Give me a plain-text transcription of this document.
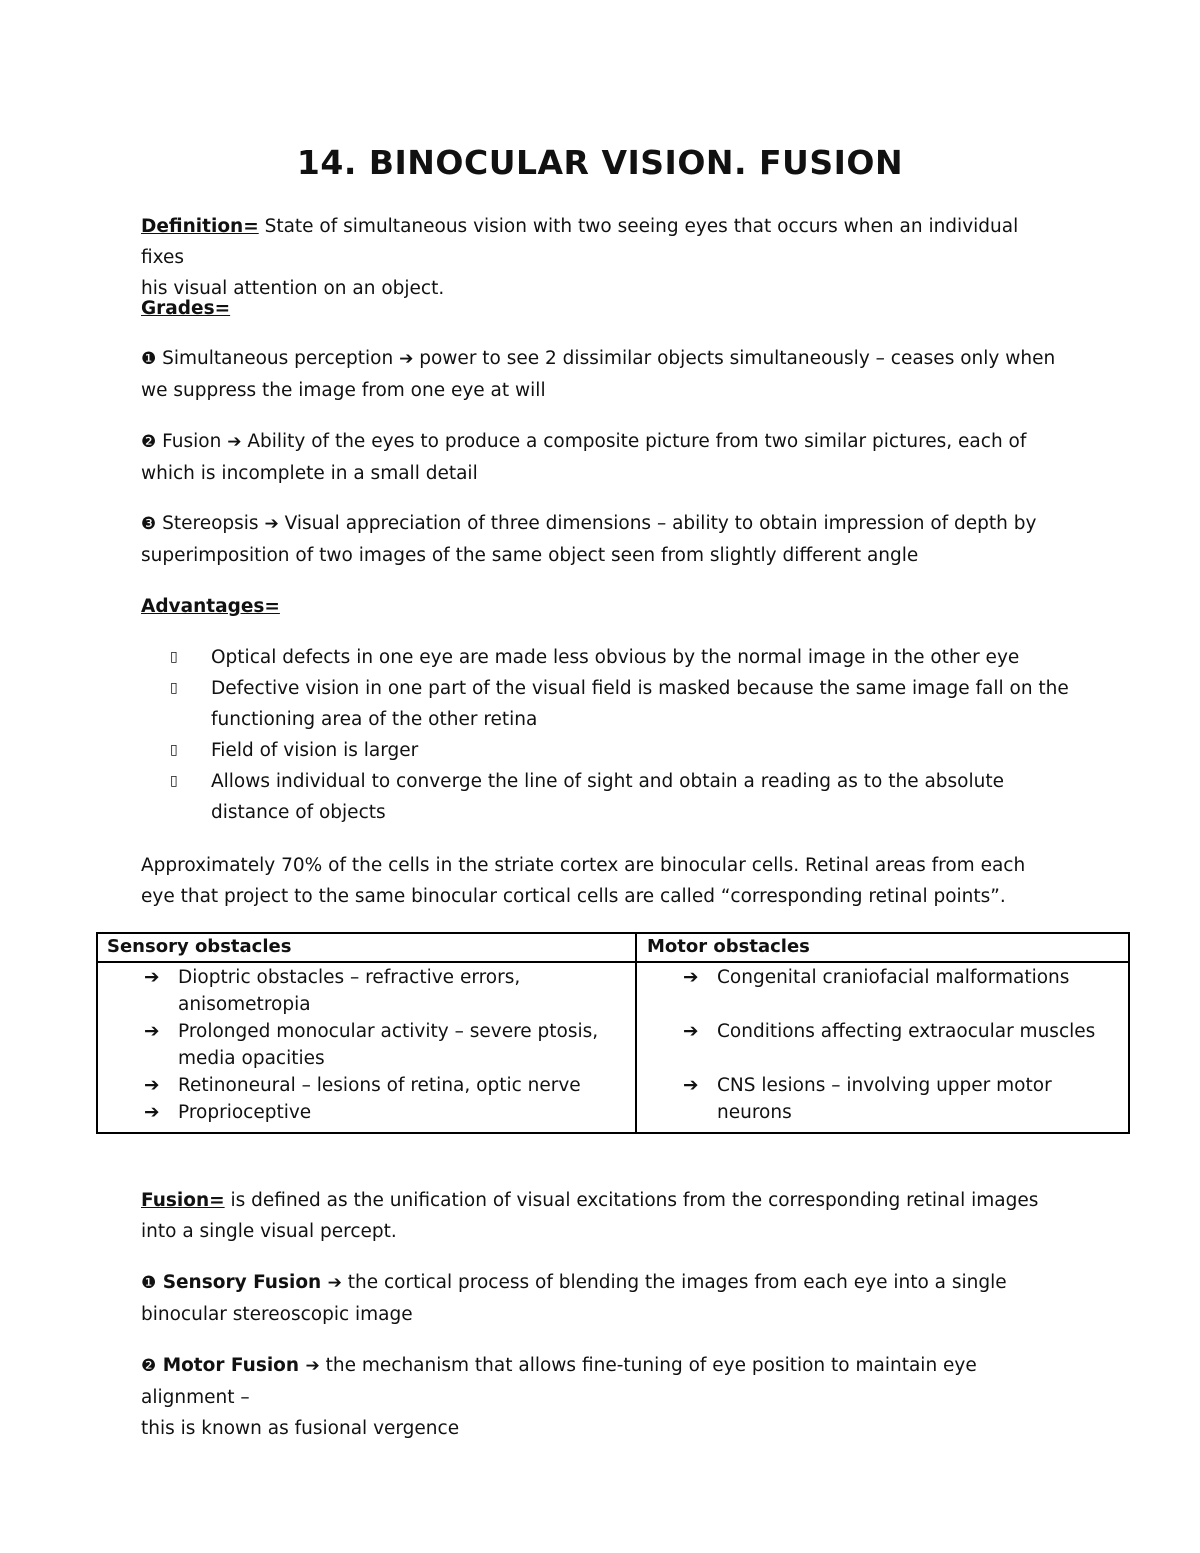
14. BINOCULAR VISION. FUSION
Definition= State of simultaneous vision with two seeing eyes that occurs when an individual fixes
his visual attention on an object.
Grades=
❶ Simultaneous perception ➔ power to see 2 dissimilar objects simultaneously – ceases only when
we suppress the image from one eye at will
❷ Fusion ➔ Ability of the eyes to produce a composite picture from two similar pictures, each of
which is incomplete in a small detail
❸ Stereopsis ➔ Visual appreciation of three dimensions – ability to obtain impression of depth by
superimposition of two images of the same object seen from slightly different angle
Advantages=
▯ Optical defects in one eye are made less obvious by the normal image in the other eye
▯ Defective vision in one part of the visual field is masked because the same image fall on the
functioning area of the other retina
▯ Field of vision is larger
▯ Allows individual to converge the line of sight and obtain a reading as to the absolute
distance of objects
Approximately 70% of the cells in the striate cortex are binocular cells. Retinal areas from each
eye that project to the same binocular cortical cells are called “corresponding retinal points”.
Sensory obstacles	Motor obstacles
➔ Dioptric obstacles – refractive errors,
anisometropia
➔ Prolonged monocular activity – severe ptosis,
media opacities
➔ Retinoneural – lesions of retina, optic nerve
➔ Proprioceptive
➔ Congenital craniofacial malformations
➔ Conditions affecting extraocular muscles
➔ CNS lesions – involving upper motor neurons
Fusion= is defined as the unification of visual excitations from the corresponding retinal images
into a single visual percept.
❶ Sensory Fusion ➔ the cortical process of blending the images from each eye into a single
binocular stereoscopic image
❷ Motor Fusion ➔ the mechanism that allows fine-tuning of eye position to maintain eye alignment –
this is known as fusional vergence
